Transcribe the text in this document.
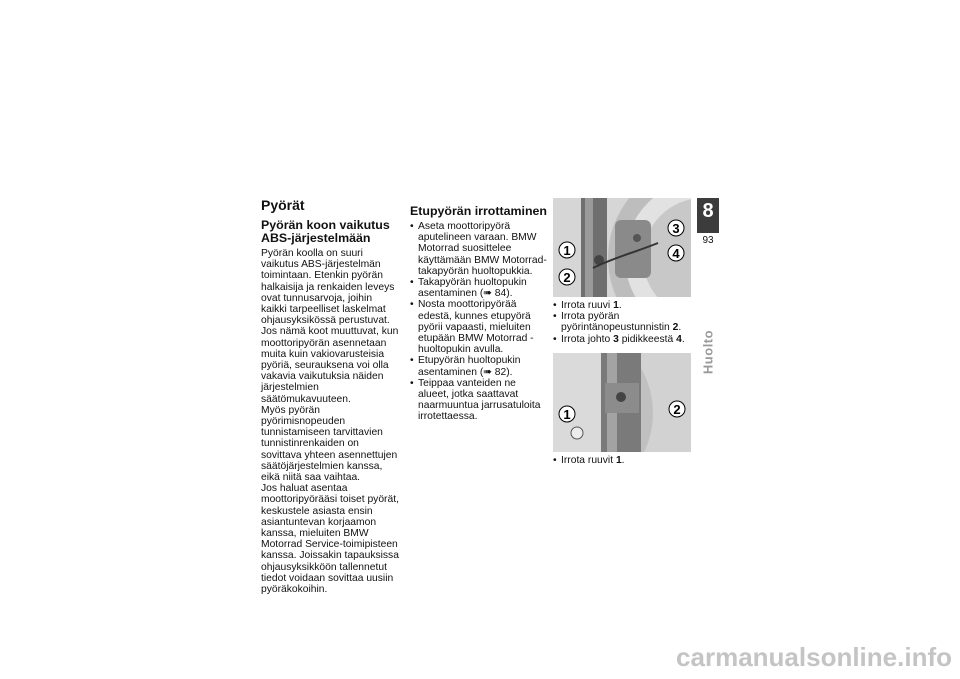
Pyörät
Pyörän koon vaikutus ABS-järjestelmään

Pyörän koolla on suuri vaikutus ABS-järjestelmän toimintaan. Etenkin pyörän halkaisija ja renkaiden leveys ovat tunnusarvoja, joihin kaikki tarpeelliset laskelmat ohjausyksikössä perustuvat. Jos nämä koot muuttuvat, kun moottoripyörän asennetaan muita kuin vakiovarusteisia pyöriä, seurauksena voi olla vakavia vaikutuksia näiden järjestelmien säätömukavuuteen.

Myös pyörän pyörimisnopeuden tunnistamiseen tarvittavien tunnistinrenkaiden on sovittava yhteen asennettujen säätöjärjestelmien kanssa, eikä niitä saa vaihtaa.

Jos haluat asentaa moottoripyörääsi toiset pyörät, keskustele asiasta ensin asiantuntevan korjaamon kanssa, mieluiten BMW Motorrad Service-toimipisteen kanssa. Joissakin tapauksissa ohjausyksikköön tallennetut tiedot voidaan sovittaa uusiin pyöräkokoihin.

Etupyörän irrottaminen
• Aseta moottoripyörä aputelineen varaan. BMW Motorrad suosittelee käyttämään BMW Motorrad- takapyörän huoltopukkia.
• Takapyörän huoltopukin asentaminen (➠ 84).
• Nosta moottoripyörää edestä, kunnes etupyörä pyörii vapaasti, mieluiten etupään BMW Motorrad -huoltopukin avulla.
• Etupyörän huoltopukin asentaminen (➠ 82).
• Teippaa vanteiden ne alueet, jotka saattavat naarmuuntua jarrusatuloita irrotettaessa.
3
4
1
2
• Irrota ruuvi 1.
• Irrota pyörän pyörintänopeustunnistin 2.
• Irrota johto 3 pidikkeestä 4.
1	2
• Irrota ruuvit 1.
8
93
Huolto
carmanualsonline.info
